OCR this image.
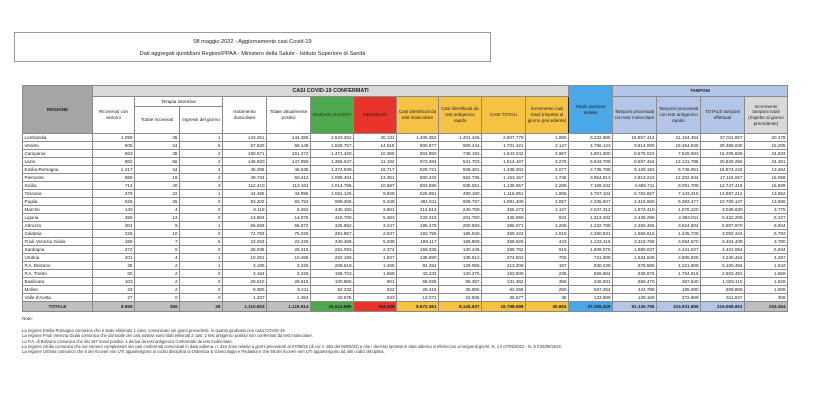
08 maggio 2022 - Aggiornamento casi Covid-19
Dati aggregati quotidiani Regioni/PPAA - Ministero della Salute - Istituto Superiore di Sanità
REGIONE	CASI COVID-19 CONFERMATI											Totale persone testate	TAMPONI			
	Ricoverati con sintomi	Terapia intensiva		Isolamento domiciliare	Totale attualmente positivi	DIMESSI GUARITI	DECEDUTI	Casi identificati da test molecolare	Casi identificati da test antigenico rapido	CASI TOTALI	Incremento casi totali (rispetto al giorno precedente)		Tamponi processati con test molecolare	Tamponi processati con test antigenico rapido	TOTALE tamponi effettuati	Incremento tamponi totali (rispetto al giorno precedente)
		Totale ricoverati	Ingressi del giorno													
Lombardia	1.099	35	1	143.251	144.385	2.623.262	40.131	1.406.352	1.401.426	2.807.778	1.985	8.232.985	15.857.413	21.154.454	37.011.867	20.478
Veneto	505	24	5	57.620	58.149	1.628.757	14.515	800.977	900.444	1.701.421	3.147	4.796.123	9.914.090	19.454.840	29.368.930	15.205
Campania	663	38	2	160.571	161.272	1.471.420	10.350	904.850	738.192	1.643.042	3.967	4.901.000	8.676.023	7.529.583	16.205.606	24.933
Lazio	982	56	2	146.920	147.958	1.355.047	11.182	972.484	541.703	1.514.187	3.278	5.643.709	8.697.464	12.131.786	20.829.250	24.461
Emilia-Romagna	1.217	34	4	45.285	46.536	1.374.949	16.717	929.721	508.481	1.438.202	3.077	2.735.798	9.128.192	6.746.051	15.874.243	13.464
Piemonte	659	19	2	49.734	50.412	1.099.404	13.351	500.432	662.735	1.163.167	1.745	3.954.813	4.913.223	12.202.844	17.116.067	16.058
Sicilia	714	40	3	112.410	113.164	1.014.796	10.697	503.596	635.061	1.138.657	2.288	7.169.432	4.655.711	8.091.708	12.747.419	16.929
Toscana	479	22	1	44.495	44.996	1.061.126	9.929	625.891	490.160	1.116.051	1.905	4.757.104	6.753.897	7.143.315	13.897.212	13.652
Puglia	526	25	0	93.202	93.753	989.306	8.349	481.611	609.797	1.091.408	2.057	2.335.507	4.315.660	6.393.477	10.709.137	13.680
Marche	140	4	0	6.118	6.262	445.150	3.861	214.514	240.759	455.273	1.127	2.047.312	1.972.410	1.076.220	3.048.630	3.775
Liguria	258	13	0	13.804	14.075	415.700	5.293	233.318	201.750	435.068	834	1.313.332	2.438.298	2.993.911	5.432.209	5.227
Abruzzo	304	9	1	56.559	56.872	325.952	3.247	185.478	200.593	386.071	1.208	1.232.798	2.283.466	3.624.504	5.907.970	8.934
Calabria	226	10	0	74.793	75.029	291.857	2.537	183.795	185.628	369.423	1.018	2.280.831	1.656.616	1.345.728	3.002.344	5.792
Friuli Venezia Giulia	159	7	5	23.263	23.429	340.458	5.039	199.117	169.809	368.926	443	1.133.416	3.319.769	3.084.670	6.404.439	3.780
Sardegna	272	8	0	26.035	26.315	261.093	2.374	159.336	130.446	289.782	916	1.609.075	1.980.037	2.441.027	4.421.064	5.934
Umbria	201	4	1	10.261	10.466	262.199	1.837	138.890	135.612	274.502	705	721.008	1.634.639	2.605.825	4.240.464	4.297
P.A. Bolzano	38	2	1	3.185	3.225	208.619	1.465	84.254	129.055	213.309	197	830.438	878.585	4.221.909	5.100.494	1.542
P.A. Trento	60	2	0	3.164	3.226	158.723	1.559	43.233	120.275	163.508	236	556.864	838.875	1.764.616	2.603.491	1.569
Basilicata	103	2	0	29.510	29.615	100.866	901	66.025	65.357	131.382	358	346.931	658.470	367.640	1.026.110	1.828
Molise	23	2	0	9.386	9.411	52.233	622	25.416	36.850	62.266	290	567.264	424.788	185.080	609.868	1.608
Valle d'Aosta	27	0	0	1.337	1.364	33.678	533	13.071	22.506	35.577	38	133.689	139.169	372.668	511.837	308
TOTALE	8.655	356	28	1.110.903	1.119.914	15.514.595	164.489	8.672.361	8.126.637	16.798.998	30.804	37.299.429	91.136.795	124.931.856	216.068.651	203.454
Note:
La regione Emilia Romagna comunica che è stato eliminato 1 caso, comunicato nei giorni precedenti, in quanto giudicato non caso COVID-19.
La regione Friuli Venezia Giulia comunica che dal totale dei casi positivi sono stati eliminati 2 casi: 2 test antigenici positivi non confermati da test molecolare.
La P.A. di Bolzano comunica che dei 197 nuovi positivi, 1 deriva da test antigenico confermato da test molecolare.
La regione Sicilia comunica che sul numero complessivo dei casi confermati comunicati in data odierna, n. 424 sono relativi a giorni precedenti al 07/05/22 (di cui n. 354 del 06/05/22) e che i decessi riportati in data odierna si riferiscono ai seguenti giorni: N. 1 il 07/05/2022 - N. 8 il 06/05/2022.
La regione Umbria comunica che 5 dei ricoveri non UTI appartengono ai codici disciplina di Ostetricia & Ginecologia e Pediatria e che 58 dei ricoveri non UTI appartengono ad altri codici disciplina.
